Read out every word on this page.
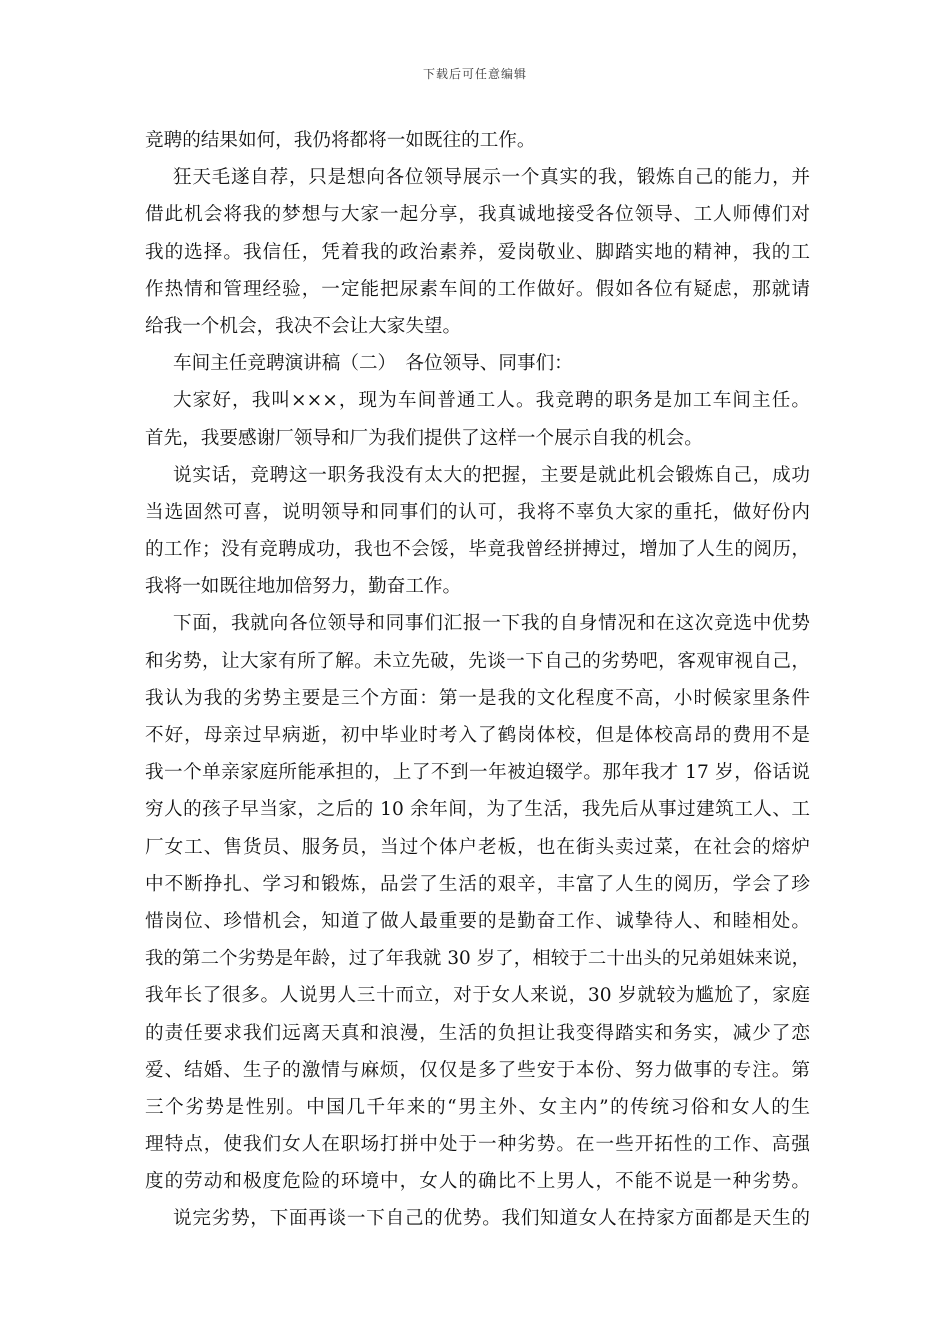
下载后可任意编辑
竞聘的结果如何，我仍将都将一如既往的工作。
狂天毛遂自荐，只是想向各位领导展示一个真实的我，锻炼自己的能力，并
借此机会将我的梦想与大家一起分享，我真诚地接受各位领导、工人师傅们对
我的选择。我信任，凭着我的政治素养，爱岗敬业、脚踏实地的精神，我的工
作热情和管理经验，一定能把尿素车间的工作做好。假如各位有疑虑，那就请
给我一个机会，我决不会让大家失望。
车间主任竞聘演讲稿（二）　各位领导、同事们：
大家好，我叫×××，现为车间普通工人。我竞聘的职务是加工车间主任。
首先，我要感谢厂领导和厂为我们提供了这样一个展示自我的机会。
说实话，竞聘这一职务我没有太大的把握，主要是就此机会锻炼自己，成功
当选固然可喜，说明领导和同事们的认可，我将不辜负大家的重托，做好份内
的工作；没有竞聘成功，我也不会馁，毕竟我曾经拼搏过，增加了人生的阅历，
我将一如既往地加倍努力，勤奋工作。
下面，我就向各位领导和同事们汇报一下我的自身情况和在这次竞选中优势
和劣势，让大家有所了解。未立先破，先谈一下自己的劣势吧，客观审视自己，
我认为我的劣势主要是三个方面：第一是我的文化程度不高，小时候家里条件
不好，母亲过早病逝，初中毕业时考入了鹤岗体校，但是体校高昂的费用不是
我一个单亲家庭所能承担的，上了不到一年被迫辍学。那年我才 17 岁，俗话说
穷人的孩子早当家，之后的 10 余年间，为了生活，我先后从事过建筑工人、工
厂女工、售货员、服务员，当过个体户老板，也在街头卖过菜，在社会的熔炉
中不断挣扎、学习和锻炼，品尝了生活的艰辛，丰富了人生的阅历，学会了珍
惜岗位、珍惜机会，知道了做人最重要的是勤奋工作、诚挚待人、和睦相处。
我的第二个劣势是年龄，过了年我就 30 岁了，相较于二十出头的兄弟姐妹来说，
我年长了很多。人说男人三十而立，对于女人来说，30 岁就较为尴尬了，家庭
的责任要求我们远离天真和浪漫，生活的负担让我变得踏实和务实，减少了恋
爱、结婚、生子的激情与麻烦，仅仅是多了些安于本份、努力做事的专注。第
三个劣势是性别。中国几千年来的“男主外、女主内”的传统习俗和女人的生
理特点，使我们女人在职场打拼中处于一种劣势。在一些开拓性的工作、高强
度的劳动和极度危险的环境中，女人的确比不上男人，不能不说是一种劣势。
说完劣势，下面再谈一下自己的优势。我们知道女人在持家方面都是天生的
